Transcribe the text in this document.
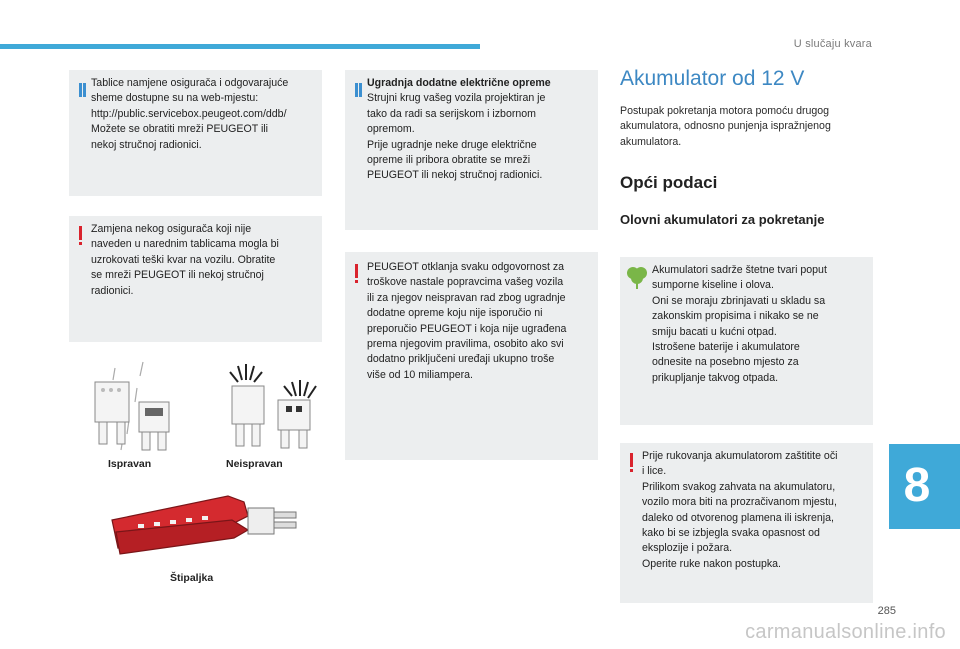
U slučaju kvara
Tablice namjene osigurača i odgovarajuće
sheme dostupne su na web-mjestu:
http://public.servicebox.peugeot.com/ddb/
Možete se obratiti mreži PEUGEOT ili
nekoj stručnoj radionici.
Zamjena nekog osigurača koji nije
naveden u narednim tablicama mogla bi
uzrokovati teški kvar na vozilu. Obratite
se mreži PEUGEOT ili nekoj stručnoj
radionici.
Ispravan	Neispravan
Štipaljka
Ugradnja dodatne električne opreme
Strujni krug vašeg vozila projektiran je
tako da radi sa serijskom i izbornom
opremom.
Prije ugradnje neke druge električne
opreme ili pribora obratite se mreži
PEUGEOT ili nekoj stručnoj radionici.
PEUGEOT otklanja svaku odgovornost za
troškove nastale popravcima vašeg vozila
ili za njegov neispravan rad zbog ugradnje
dodatne opreme koju nije isporučio ni
preporučio PEUGEOT i koja nije ugrađena
prema njegovim pravilima, osobito ako svi
dodatno priključeni uređaji ukupno troše
više od 10 miliampera.
Akumulator od 12 V
Postupak pokretanja motora pomoću drugog
akumulatora, odnosno punjenja ispražnjenog
akumulatora.
Opći podaci
Olovni akumulatori za pokretanje
Akumulatori sadrže štetne tvari poput
sumporne kiseline i olova.
Oni se moraju zbrinjavati u skladu sa
zakonskim propisima i nikako se ne
smiju bacati u kućni otpad.
Istrošene baterije i akumulatore
odnesite na posebno mjesto za
prikupljanje takvog otpada.
Prije rukovanja akumulatorom zaštitite oči
i lice.
Prilikom svakog zahvata na akumulatoru,
vozilo mora biti na prozračivanom mjestu,
daleko od otvorenog plamena ili iskrenja,
kako bi se izbjegla svaka opasnost od
eksplozije i požara.
Operite ruke nakon postupka.
8
285
carmanualsonline.info
